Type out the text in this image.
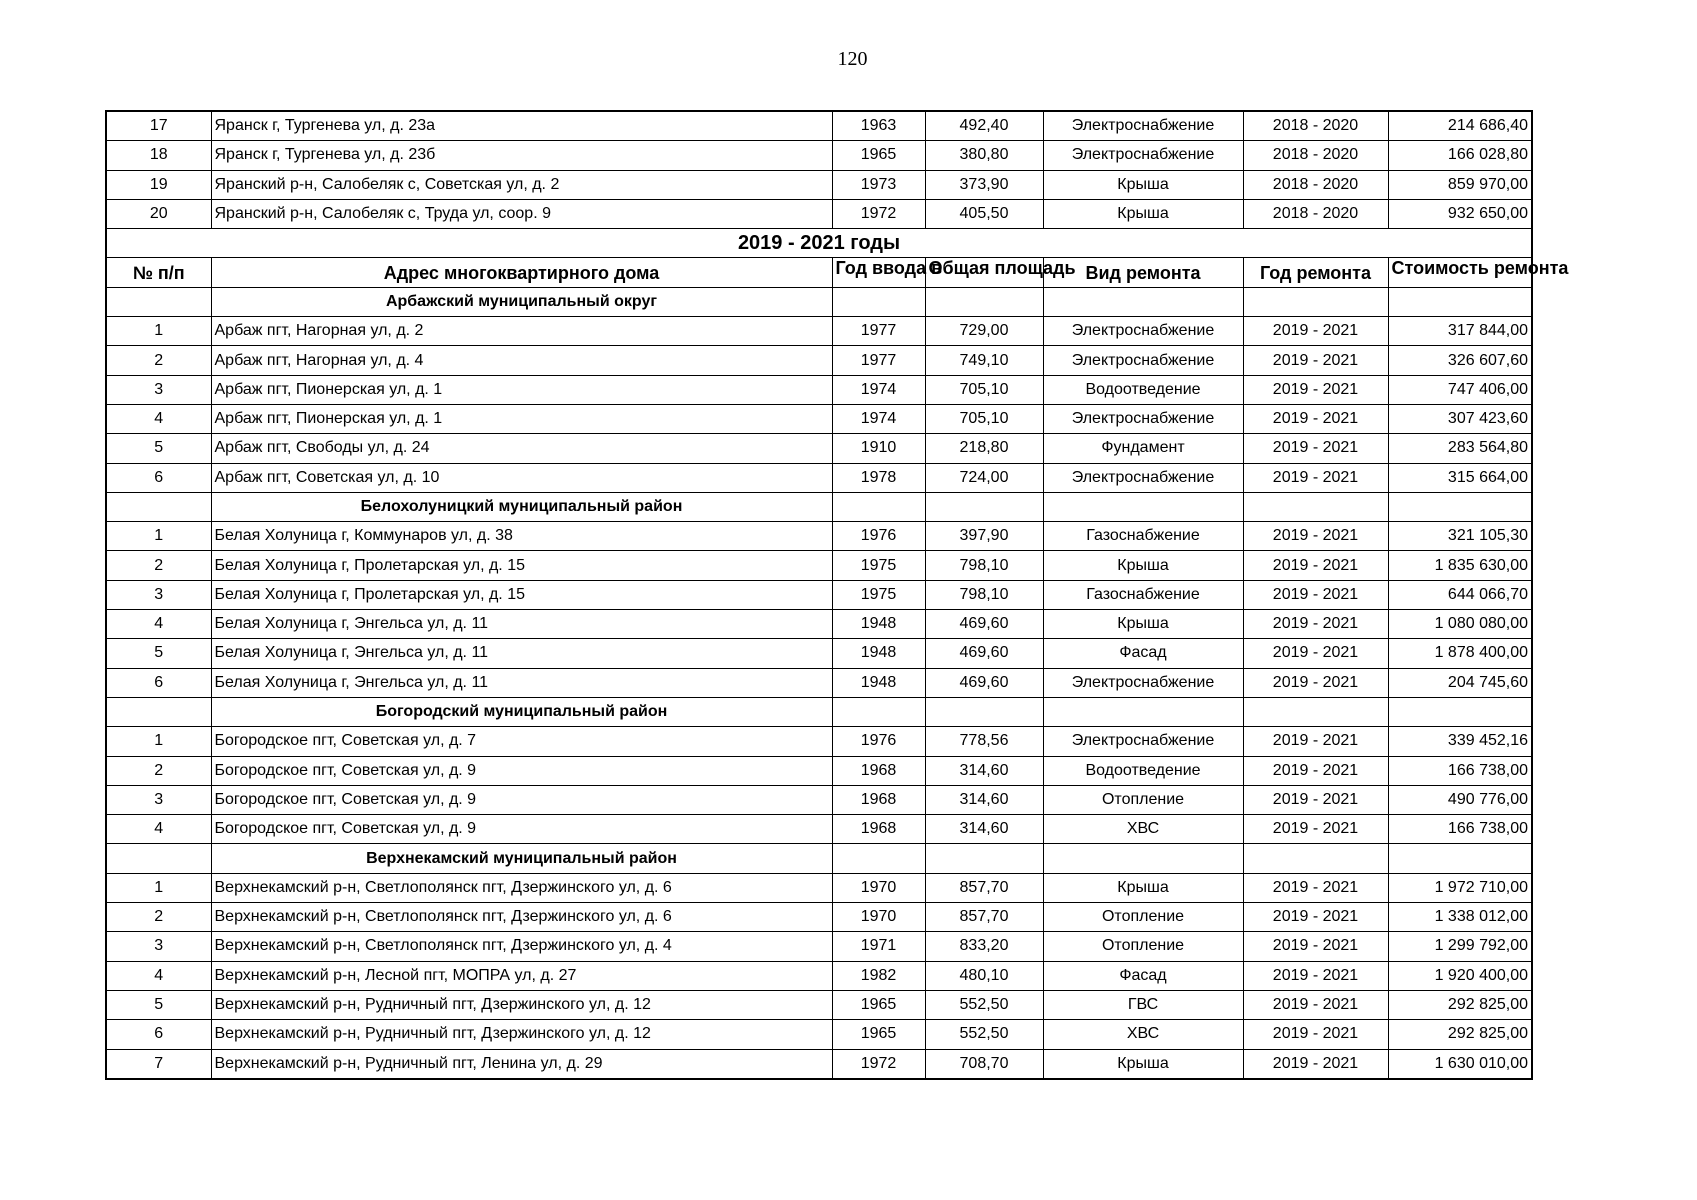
120
17	Яранск г, Тургенева ул, д. 23а	1963	492,40	Электроснабжение	2018 - 2020	214 686,40
18	Яранск г, Тургенева ул, д. 23б	1965	380,80	Электроснабжение	2018 - 2020	166 028,80
19	Яранский р-н, Салобеляк с, Советская ул, д. 2	1973	373,90	Крыша	2018 - 2020	859 970,00
20	Яранский р-н, Салобеляк с, Труда ул, соор. 9	1972	405,50	Крыша	2018 - 2020	932 650,00
2019 - 2021 годы						
№ п/п	Адрес многоквартирного дома	Год ввода в	Общая площадь	Вид ремонта	Год ремонта	Стоимость ремонта

	Арбажский муниципальный округ					
1	Арбаж пгт, Нагорная ул, д. 2	1977	729,00	Электроснабжение	2019 - 2021	317 844,00
2	Арбаж пгт, Нагорная ул, д. 4	1977	749,10	Электроснабжение	2019 - 2021	326 607,60
3	Арбаж пгт, Пионерская ул, д. 1	1974	705,10	Водоотведение	2019 - 2021	747 406,00
4	Арбаж пгт, Пионерская ул, д. 1	1974	705,10	Электроснабжение	2019 - 2021	307 423,60
5	Арбаж пгт, Свободы ул, д. 24	1910	218,80	Фундамент	2019 - 2021	283 564,80
6	Арбаж пгт, Советская ул, д. 10	1978	724,00	Электроснабжение	2019 - 2021	315 664,00
	Белохолуницкий муниципальный район					
1	Белая Холуница г, Коммунаров ул, д. 38	1976	397,90	Газоснабжение	2019 - 2021	321 105,30
2	Белая Холуница г, Пролетарская ул, д. 15	1975	798,10	Крыша	2019 - 2021	1 835 630,00
3	Белая Холуница г, Пролетарская ул, д. 15	1975	798,10	Газоснабжение	2019 - 2021	644 066,70
4	Белая Холуница г, Энгельса ул, д. 11	1948	469,60	Крыша	2019 - 2021	1 080 080,00
5	Белая Холуница г, Энгельса ул, д. 11	1948	469,60	Фасад	2019 - 2021	1 878 400,00
6	Белая Холуница г, Энгельса ул, д. 11	1948	469,60	Электроснабжение	2019 - 2021	204 745,60
	Богородский муниципальный район					
1	Богородское пгт, Советская ул, д. 7	1976	778,56	Электроснабжение	2019 - 2021	339 452,16
2	Богородское пгт, Советская ул, д. 9	1968	314,60	Водоотведение	2019 - 2021	166 738,00
3	Богородское пгт, Советская ул, д. 9	1968	314,60	Отопление	2019 - 2021	490 776,00
4	Богородское пгт, Советская ул, д. 9	1968	314,60	ХВС	2019 - 2021	166 738,00
	Верхнекамский муниципальный район					
1	Верхнекамский р-н, Светлополянск пгт, Дзержинского ул, д. 6	1970	857,70	Крыша	2019 - 2021	1 972 710,00
2	Верхнекамский р-н, Светлополянск пгт, Дзержинского ул, д. 6	1970	857,70	Отопление	2019 - 2021	1 338 012,00
3	Верхнекамский р-н, Светлополянск пгт, Дзержинского ул, д. 4	1971	833,20	Отопление	2019 - 2021	1 299 792,00
4	Верхнекамский р-н, Лесной пгт, МОПРА ул, д. 27	1982	480,10	Фасад	2019 - 2021	1 920 400,00
5	Верхнекамский р-н, Рудничный пгт, Дзержинского ул, д. 12	1965	552,50	ГВС	2019 - 2021	292 825,00
6	Верхнекамский р-н, Рудничный пгт, Дзержинского ул, д. 12	1965	552,50	ХВС	2019 - 2021	292 825,00
7	Верхнекамский р-н, Рудничный пгт, Ленина ул, д. 29	1972	708,70	Крыша	2019 - 2021	1 630 010,00
